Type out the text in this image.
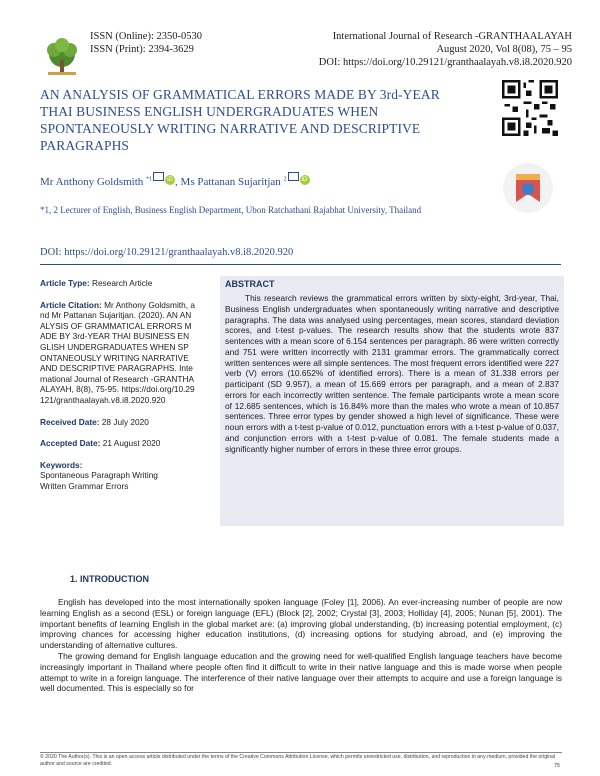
ISSN (Online): 2350-0530
ISSN (Print): 2394-3629
International Journal of Research -GRANTHAALAYAH
August 2020, Vol 8(08), 75 – 95
DOI: https://doi.org/10.29121/granthaalayah.v8.i8.2020.920
AN ANALYSIS OF GRAMMATICAL ERRORS MADE BY 3rd-YEAR THAI BUSINESS ENGLISH UNDERGRADUATES WHEN SPONTANEOUSLY WRITING NARRATIVE AND DESCRIPTIVE PARAGRAPHS
Mr Anthony Goldsmith $^{*1}$	iD , Ms Pattanan Sujaritjan $^2$	iD
*1, 2 Lecturer of English, Business English Department, Ubon Ratchathani Rajabhat University, Thailand
DOI: https://doi.org/10.29121/granthaalayah.v8.i8.2020.920
Article Type: Research Article
Article Citation: Mr Anthony Goldsmith, and Mr Pattanan Sujaritjan. (2020). AN ANALYSIS OF GRAMMATICAL ERRORS MADE BY 3rd-YEAR THAI BUSINESS ENGLISH UNDERGRADUATES WHEN SPONTANEOUSLY WRITING NARRATIVE AND DESCRIPTIVE PARAGRAPHS. International Journal of Research -GRANTHAALAYAH, 8(8), 75-95. https://doi.org/10.29121/granthaalayah.v8.i8.2020.920
Received Date: 28 July 2020
Accepted Date: 21 August 2020
Keywords:
Spontaneous Paragraph Writing
Written Grammar Errors
ABSTRACT
This research reviews the grammatical errors written by sixty-eight, 3rd-year, Thai, Business English undergraduates when spontaneously writing narrative and descriptive paragraphs. The data was analysed using percentages, mean scores, standard deviation scores, and t-test p-values. The research results show that the students wrote 837 sentences with a mean score of 6.154 sentences per paragraph. 86 were written correctly and 751 were written incorrectly with 2131 grammar errors. The grammatically correct written sentences were all simple sentences. The most frequent errors identified were 227 verb (V) errors (10.652% of identified errors). There is a mean of 31.338 errors per participant (SD 9.957), a mean of 15.669 errors per paragraph, and a mean of 2.837 errors for each incorrectly written sentence. The female participants wrote a mean score of 12.685 sentences, which is 16.84% more than the males who wrote a mean of 10.857 sentences. Three error types by gender showed a high level of significance. These were noun errors with a t-test p-value of 0.012, punctuation errors with a t-test p-value of 0.037, and conjunction errors with a t-test p-value of 0.081. The female students made a significantly higher number of errors in these three error groups.
1. INTRODUCTION

English has developed into the most internationally spoken language (Foley [1], 2006). An ever-increasing number of people are now learning English as a second (ESL) or foreign language (EFL) (Block [2], 2002; Crystal [3], 2003; Holliday [4], 2005; Nunan [5], 2001). The important benefits of learning English in the global market are: (a) improving global understanding, (b) increasing potential employment, (c) improving chances for accessing higher education institutions, (d) increasing options for studying abroad, and (e) improving the understanding of alternative cultures.

The growing demand for English language education and the growing need for well-qualified English language teachers have become increasingly important in Thailand where people often find it difficult to write in their native language and this is made worse when people attempt to write in a foreign language. The interference of their native language over their attempts to acquire and use a foreign language is well documented. This is especially so for

© 2020 The Author(s). This is an open access article distributed under the terms of the Creative Commons Attribution License, which permits unrestricted use, distribution, and reproduction in any medium, provided the original author and source are credited.	75
